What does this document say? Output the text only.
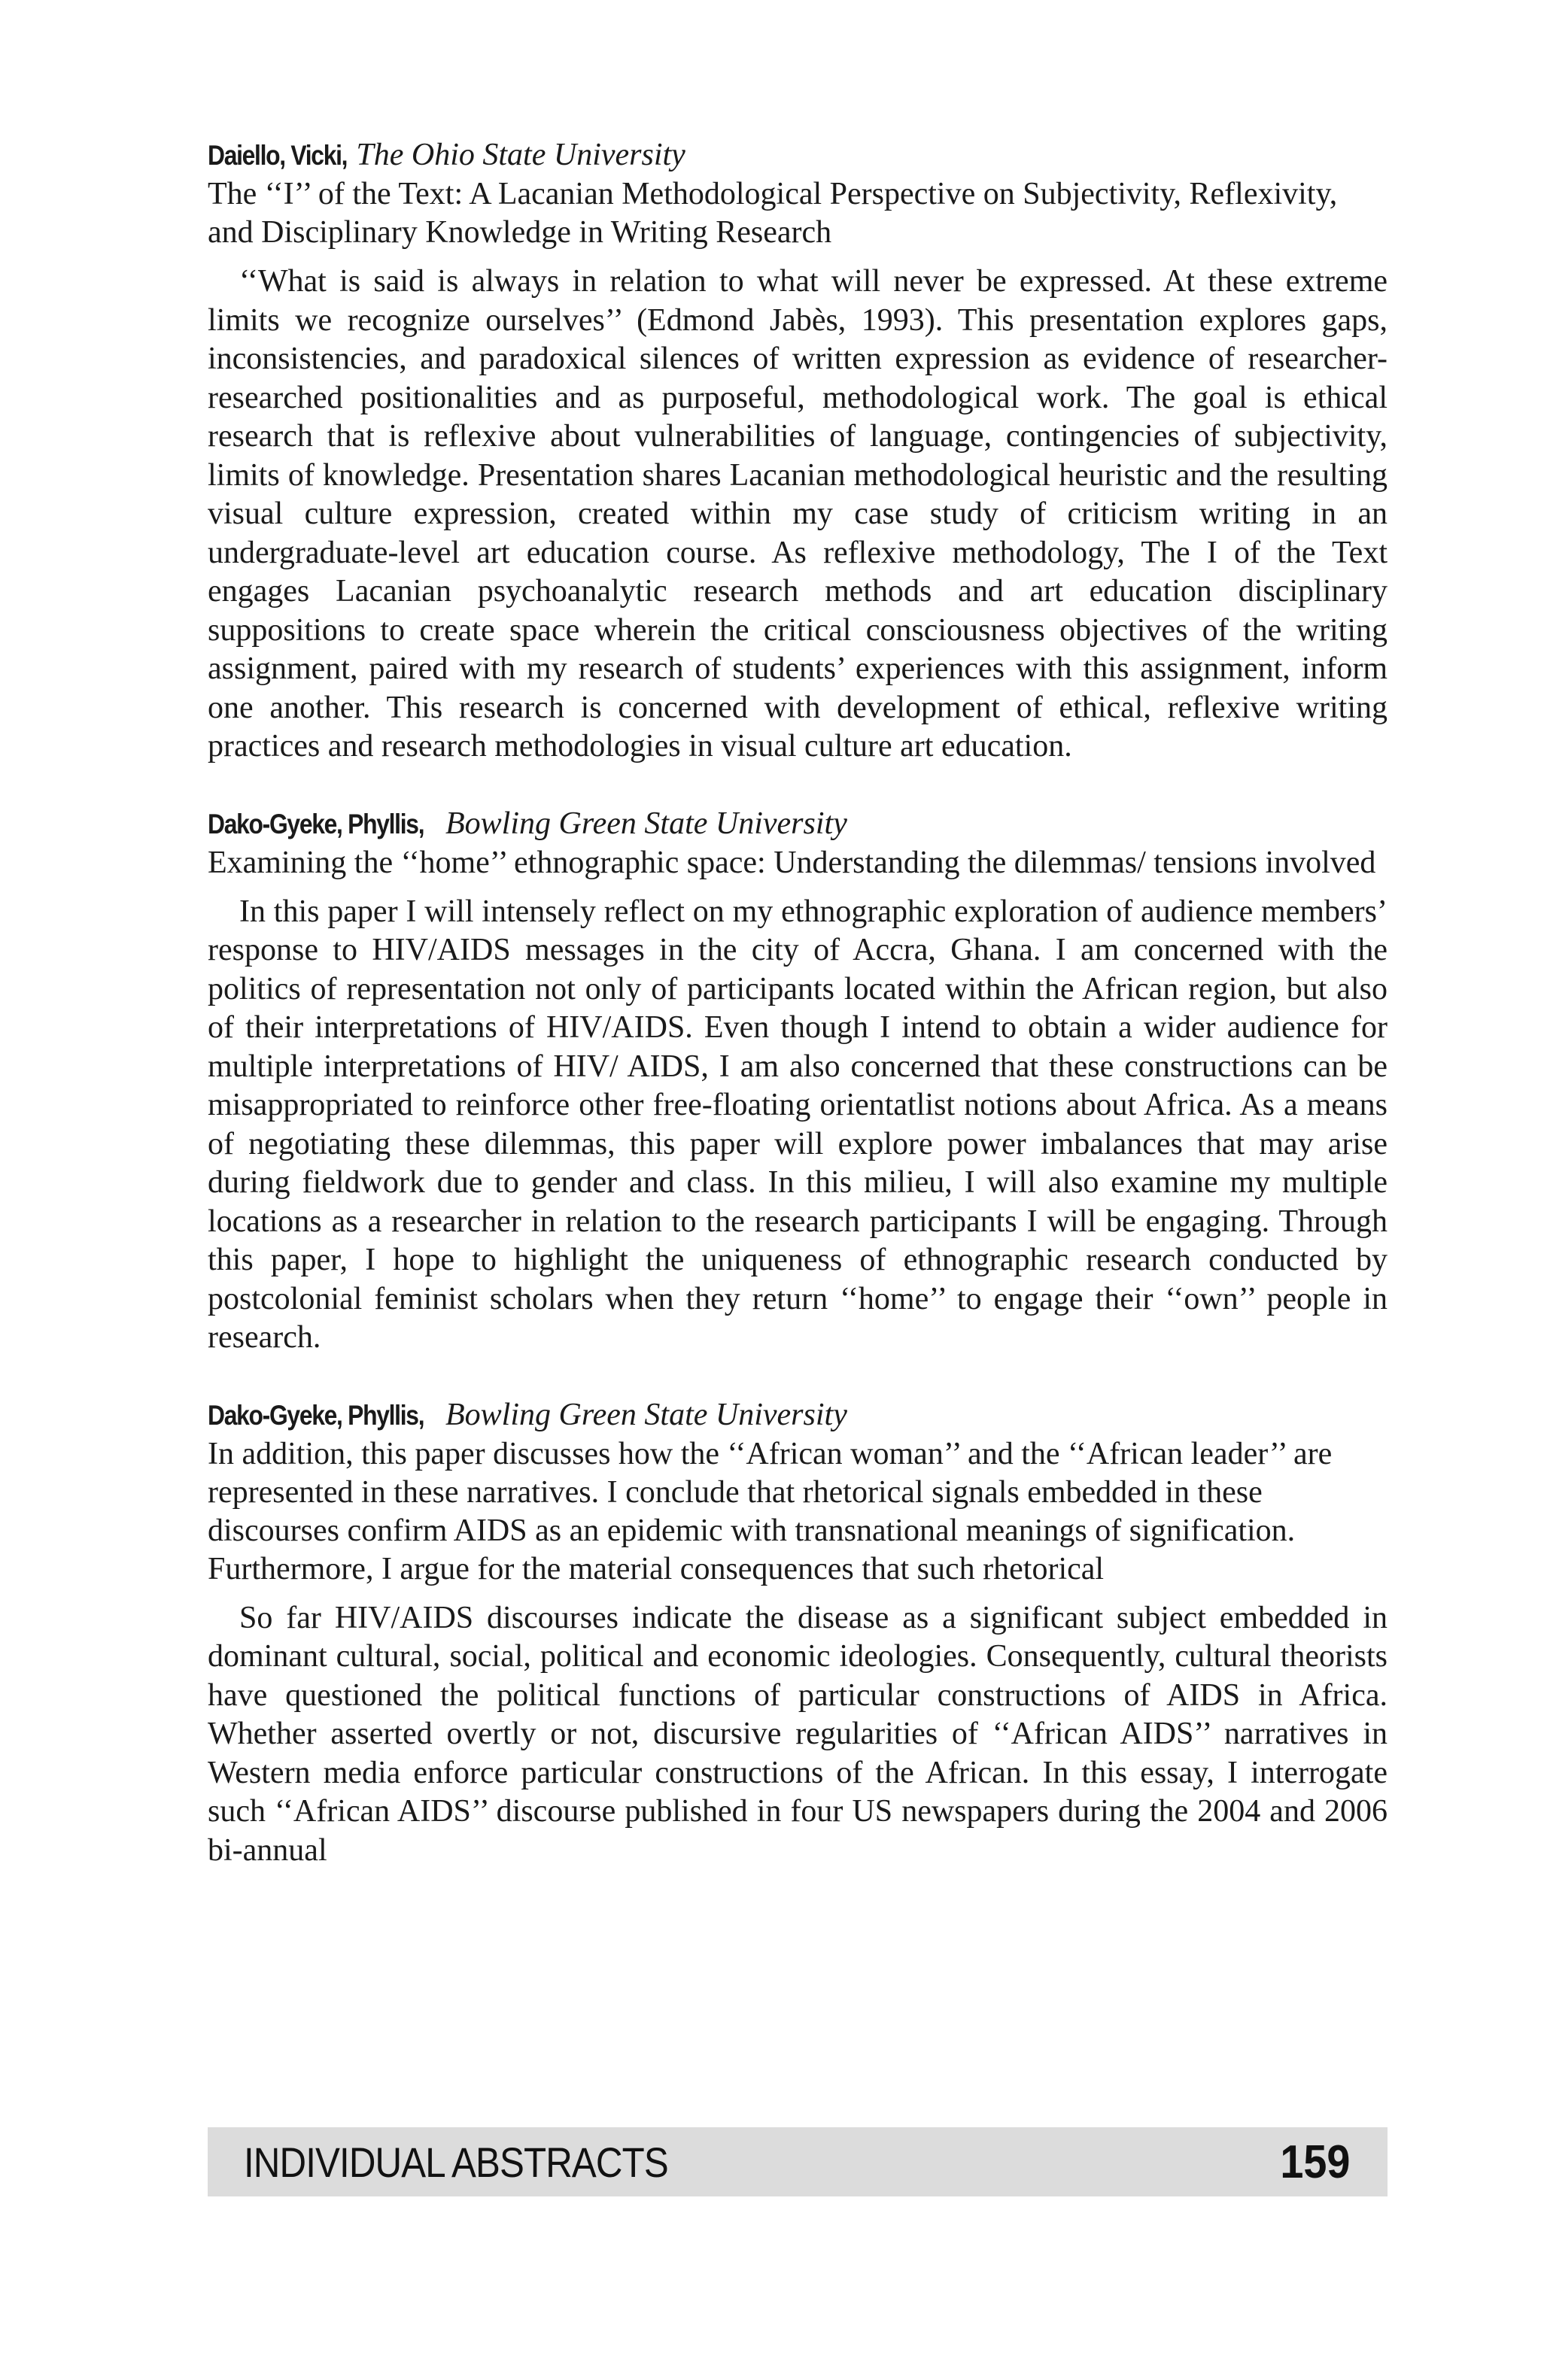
Daiello, Vicki, The Ohio State University

The ‘‘I’’ of the Text: A Lacanian Methodological Perspective on Subjectivity, Reflexivity, and Disciplinary Knowledge in Writing Research

‘‘What is said is always in relation to what will never be expressed. At these extreme limits we recognize ourselves’’ (Edmond Jabès, 1993). This presentation explores gaps, inconsistencies, and paradoxical silences of written expression as evidence of researcher-researched positionalities and as purposeful, methodological work. The goal is ethical research that is reflexive about vulnerabilities of language, contingencies of subjectivity, limits of knowledge. Presentation shares Lacanian methodological heuristic and the resulting visual culture expression, created within my case study of criticism writing in an undergraduate-level art education course. As reflexive methodology, The I of the Text engages Lacanian psychoanalytic research methods and art education disciplinary suppositions to create space wherein the critical consciousness objectives of the writing assignment, paired with my research of students’ experiences with this assignment, inform one another. This research is concerned with development of ethical, reflexive writing practices and research methodologies in visual culture art education.

Dako-Gyeke, Phyllis, Bowling Green State University

Examining the ‘‘home’’ ethnographic space: Understanding the dilemmas/ tensions involved

In this paper I will intensely reflect on my ethnographic exploration of audience members’ response to HIV/AIDS messages in the city of Accra, Ghana. I am concerned with the politics of representation not only of participants located within the African region, but also of their interpretations of HIV/AIDS. Even though I intend to obtain a wider audience for multiple interpretations of HIV/ AIDS, I am also concerned that these constructions can be misappropriated to reinforce other free-floating orientatlist notions about Africa. As a means of negotiating these dilemmas, this paper will explore power imbalances that may arise during fieldwork due to gender and class. In this milieu, I will also examine my multiple locations as a researcher in relation to the research participants I will be engaging. Through this paper, I hope to highlight the uniqueness of ethnographic research conducted by postcolonial feminist scholars when they return ‘‘home’’ to engage their ‘‘own’’ people in research.

Dako-Gyeke, Phyllis, Bowling Green State University

In addition, this paper discusses how the ‘‘African woman’’ and the ‘‘African leader’’ are represented in these narratives. I conclude that rhetorical signals embedded in these discourses confirm AIDS as an epidemic with transnational meanings of signification. Furthermore, I argue for the material consequences that such rhetorical

So far HIV/AIDS discourses indicate the disease as a significant subject embedded in dominant cultural, social, political and economic ideologies. Consequently, cultural theorists have questioned the political functions of particular constructions of AIDS in Africa. Whether asserted overtly or not, discursive regularities of ‘‘African AIDS’’ narratives in Western media enforce particular constructions of the African. In this essay, I interrogate such ‘‘African AIDS’’ discourse published in four US newspapers during the 2004 and 2006 bi-annual

INDIVIDUAL ABSTRACTS	159
